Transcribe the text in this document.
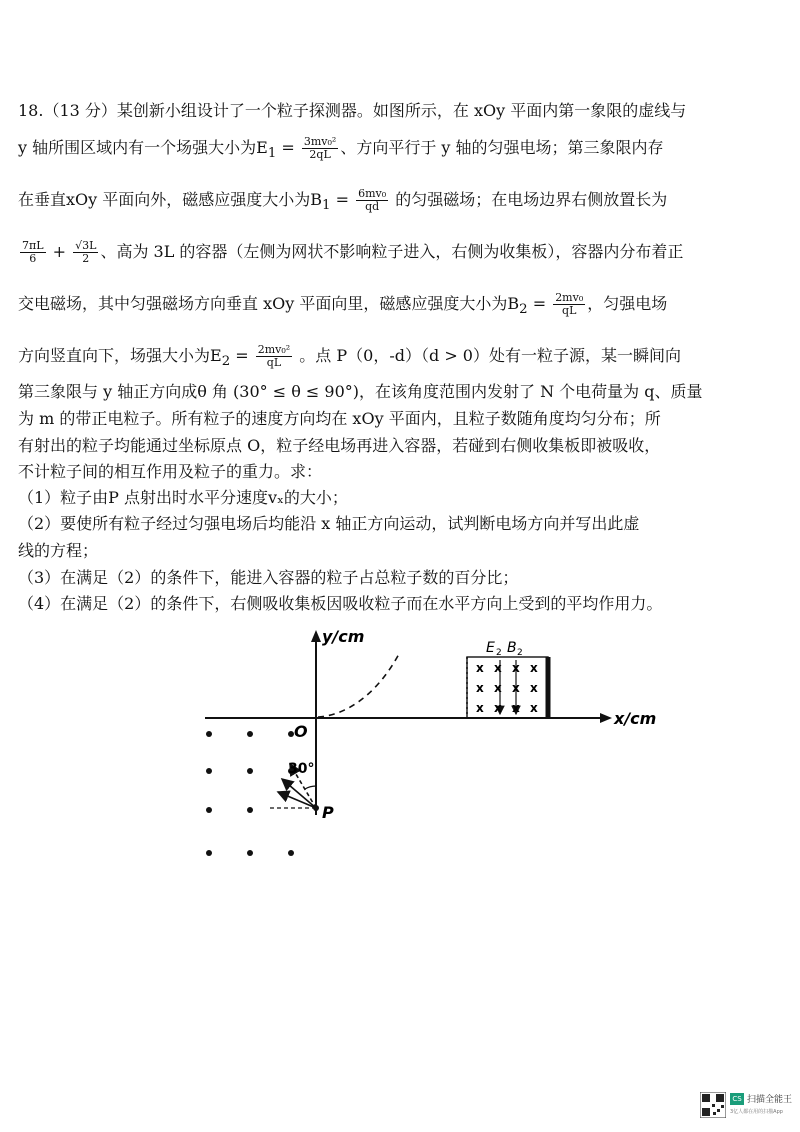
18.（13 分）某创新小组设计了一个粒子探测器。如图所示，在 xOy 平面内第一象限的虚线与
y 轴所围区域内有一个场强大小为$E_1 = \frac{\text{3mv₀²}}{2qL}$ 、方向平行于 y 轴的匀强电场；第三象限内存
在垂直xOy 平面向外，磁感应强度大小为$B_1 = \frac{\text{6mv₀}}{qd}$ 的匀强磁场；在电场边界右侧放置长为
$\frac{7\pi L}{6} + \frac{√3L}{2}$ 、高为 3L 的容器（左侧为网状不影响粒子进入，右侧为收集板），容器内分布着正
交电磁场，其中匀强磁场方向垂直 xOy 平面向里，磁感应强度大小为$B_2 = \frac{\text{2mv₀}}{qL}$ ，匀强电场
方向竖直向下，场强大小为$E_2 = \frac{\text{2mv₀²}}{qL}$ 。点 P（0，-d）（d > 0）处有一粒子源，某一瞬间向
第三象限与 y 轴正方向成θ 角 (30° ≤ θ ≤ 90°)，在该角度范围内发射了 N 个电荷量为 q、质量
为 m 的带正电粒子。所有粒子的速度方向均在 xOy 平面内，且粒子数随角度均匀分布；所
有射出的粒子均能通过坐标原点 O，粒子经电场再进入容器，若碰到右侧收集板即被吸收，
不计粒子间的相互作用及粒子的重力。求：
（1）粒子由P 点射出时水平分速度vₓ的大小；
（2）要使所有粒子经过匀强电场后均能沿 x 轴正方向运动，试判断电场方向并写出此虚
线的方程；
（3）在满足（2）的条件下，能进入容器的粒子占总粒子数的百分比；
（4）在满足（2）的条件下，右侧吸收集板因吸收粒子而在水平方向上受到的平均作用力。
y/cm
x/cm
O
30°
P
E 2 B 2
x x x x
x x x x
x x x x
CS 扫描全能王
3亿人都在用的扫描App
